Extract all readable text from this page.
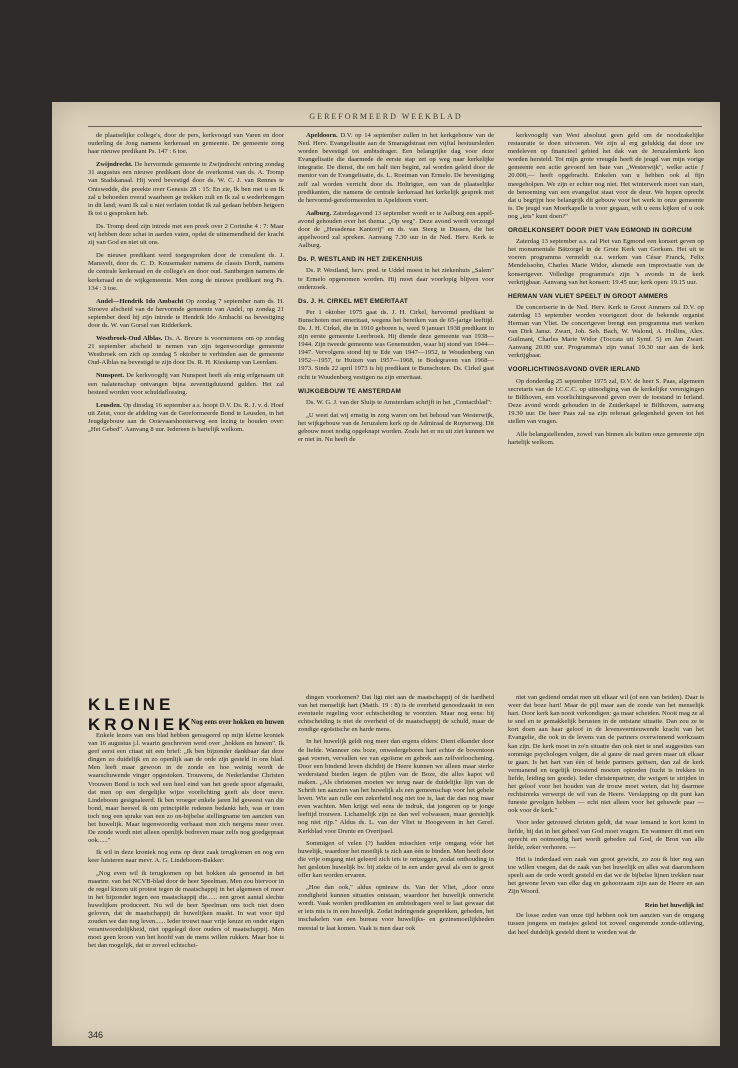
GEREFORMEERD WEEKBLAD

de plaatselijke college's, door de pers, kerkvoogd van Varen en door ouderling de Jong namens kerkeraad en gemeente. De gemeente zong haar nieuwe predikant Ps. 147 : 6 toe.

Zwijndrecht. De hervormde gemeente te Zwijndrecht ontving zondag 31 augustus een nieuwe predikant door de overkomst van ds. A. Tromp van Stadskanaal. Hij werd bevestigd door ds. W. C. J. van Rennes te Ontswedde, die preekte over Genesis 28 : 15: En zie, Ik ben met u en Ik zal u behoeden overal waarheen ge trekken zult en Ik zal u wederbrengen in dit land; want Ik zal u niet verlaten totdat Ik zal gedaan hebben hetgeen Ik tot u gesproken heb.

Ds. Tromp deed zijn intrede met een preek over 2 Corinthe 4 : 7: Maar wij hebben deze schat in aarden vaten, opdat de uitnemendheid der kracht zij van God en niet uit ons.

De nieuwe predikant werd toegesproken door de consulent ds. J. Mansvelt, door ds. C. D. Kousemaker namens de classis Dordt, namens de centrale kerkeraad en de college's en door oud. Santbergen namens de kerkeraad en de wijkgemeente. Men zong de nieuwe predikant nog Ps. 134 : 3 toe.

Andel—Hendrik Ido Ambacht Op zondag 7 september nam ds. H. Stroeve afscheid van de hervormde gemeente van Andel, op zondag 21 september deed hij zijn intrede te Hendrik Ido Ambacht na bevestiging door ds. W. van Gorsel van Ridderkerk.

Westbroek-Oud Alblas. Ds. A. Breure is voornemens om op zondag 21 september afscheid te nemen van zijn tegenwoordige gemeente Westbroek om zich op zondag 5 oktober te verbinden aan de gemeente Oud-Alblas na bevestigd te zijn door Ds. R. H. Kieskamp van Leerdam.

Nunspeet. De kerkvoogdij van Nunspeet heeft als enig erfgenaam uit een nalatenschap ontvangen bijna zeventigduizend gulden. Het zal besteed worden voor schuldaflossing.

Leusden. Op dinsdag 16 september a.s. hoopt D.V. Ds. R. J. v. d. Hoef uit Zeist, voor de afdeling van de Gereformeerde Bond te Leusden, in het Jeugdgebouw aan de Ooievaarshorsterweg een lezing te houden over: „Het Gebed". Aanvang 8 uur. Iedereen is hartelijk welkom.

Apeldoorn. D.V. op 14 september zullen in het kerkgebouw van de Ned. Herv. Evangelisatie aan de Smaragdstraat een vijftal bestuursleden worden bevestigd tot ambtsdrager. Een belangrijke dag voor deze Evangelisatie die daarmede de eerste stap zet op weg naar kerkelijke integratie. De dienst, die om half tien begint, zal worden geleid door de mentor van de Evangelisatie, ds. L. Roetman van Ermelo. De bevestiging zelf zal worden verricht door ds. Holtrigter, een van de plaatselijke predikanten, die namens de centrale kerkeraad het kerkelijk gesprek met de hervormd-gereformeerden in Apeldoorn voert.

Aalburg. Zaterdagavond 13 september wordt er te Aalburg een appèl-avond gehouden over het thema: „Op weg". Deze avond wordt verzorgd door de „Heusdense Kantorij" en ds. van Steeg te Dussen, die het appèlwoord zal spreken. Aanvang 7.30 uur in de Ned. Herv. Kerk te Aalburg.

Ds. P. WESTLAND IN HET ZIEKENHUIS

Ds. P. Westland, herv. pred. te Uddel moest in het ziekenhuis „Salem" te Ermelo opgenomen worden. Hij moet daar voorlopig blijven voor onderzoek.

Ds. J. H. CIRKEL MET EMERITAAT

Per 1 oktober 1975 gaat ds. J. H. Cirkel, hervormd predikant te Bunschoten met emeritaat, wegens het bereiken van de 65-jarige leeftijd. Ds. J. H. Cirkel, die in 1910 geboren is, werd 9 januari 1938 predikant in zijn eerste gemeente Leerbroek. Hij diende deze gemeente van 1938—1944. Zijn tweede gemeente was Genemuiden, waar hij stond van 1944—1947. Vervolgens stond hij te Ede van 1947—1952, te Woudenberg van 1952—1957, te Huizen van 1957—1968, te Bodegraven van 1968—1973. Sinds 22 april 1973 is hij predikant te Bunschoten. Ds. Cirkel gaat richt te Woudenberg vestigen na zijn emeritaat.

WIJKGEBOUW TE AMSTERDAM

Ds. W. G. J. van der Sluijs te Amsterdam schrijft in het „Contactblad":

„U weet dat wij ernstig in zorg waren om het behoud van Westerwijk, het wijkgebouw van de Jeruzalem kerk op de Admiraal de Ruyterweg. Dit gebouw moet nodig opgeknapt worden. Zoals het er nu uit ziet kunnen we er niet in. Nu heeft de

kerkvoogdij van West absoluut geen geld om de noodzakelijke restauratie te doen uitvoeren. We zijn al erg gelukkig dat door uw medeleven op financieel gebied het dak van de Jeruzalemkerk kon worden hersteld. Tot mijn grote vreugde heeft de jeugd van mijn vorige gemeente een actie gevoerd ten bate van „Westerwijk", welke actie ƒ 20.000,— heeft opgebracht. Enkelen van u hebben ook al fijn meegeholpen. We zijn er echter nog niet. Het winterwerk moet van start, de benoeming van een evangelist staat voor de deur. We hopen oprecht dat u begrijpt hoe belangrijk dit gebouw voor het werk in onze gemeente is. De jeugd van Moerkapelle is voor gegaan, wilt u eens kijken of u ook nog „iets" kunt doen?"

ORGELKONSERT DOOR PIET VAN EGMOND IN GORCUM

Zaterdag 13 september a.s. zal Piet van Egmond een konsert geven op het monumentale Bätzorgel in de Grote Kerk van Gorkum. Het uit te voeren programma vermeldt o.a. werken van César Franck, Felix Mendelssohn, Charles Marie Widor, alsmede een improvisatie van de konsertgever. Volledige programma's zijn 's avonds in de kerk verkrijgbaar. Aanvang van het konsert: 19.45 uur; kerk open: 19.15 uur.

HERMAN VAN VLIET SPEELT IN GROOT AMMERS

De concertserie in de Ned. Herv. Kerk te Groot Ammers zal D.V. op zaterdag 13 september worden voortgezet door de bekende organist Herman van Vliet. De concertgever brengt een programma met werken van Dirk Jansz. Zwart, Joh. Seb. Bach, W. Walond, A. Hollins, Alex. Guilmant, Charles Marie Widor (Toccata uit Symf. 5) en Jan Zwart. Aanvang 20.00 uur. Programma's zijn vanaf 19.30 uur aan de kerk verkrijgbaar.

VOORLICHTINGSAVOND OVER IERLAND

Op donderdag 25 september 1975 zal, D.V. de heer S. Paas, algemeen secretaris van de I.C.C.C. op uitnodiging van de kerkelijke verenigingen te Bilthoven, een voorlichtingsavond geven over de toestand in Ierland. Deze avond wordt gehouden in de Zuiderkapel te Bilthoven, aanvang 19.30 uur. De heer Paas zal na zijn referaat gelegenheid geven tot het stellen van vragen.

Alle belangstellenden, zowel van binnen als buiten onze gemeente zijn hartelijk welkom.

KLEINE KRONIEK
Nog eens over hokken en huwen

Enkele lezers van ons blad hebben gereageerd op mijn kleine kroniek van 16 augustus j.l. waarin geschreven werd over „hokken en huwen". Ik geef eerst een citaat uit een brief: „Ik ben bijzonder dankbaar dat deze dingen zo duidelijk en zo openlijk aan de orde zijn gesteld in ons blad. Men leeft maar gewoon in de zonde en hoe weinig wordt de waarschuwende vinger opgestoken. Trouwens, de Nederlandse Christen Vrouwen Bond is toch wel een heel eind van het goede spoor afgeraakt, dat men op een dergelijke wijze voorlichting geeft als door mevr. Lindeboom gesignaleerd. Ik ben vroeger enkele jaren lid geweest van die bond, maar heewel ik om principiële redenen bedankt heb, was er toen toch nog een sprake van een zo on-bijbelse stellingname ten aanzien van het huwelijk. Maar tegenwoordig verbaast men zich nergens meer over. De zonde wordt niet alleen openlijk bedreven maar zelfs nog goedgepraat ook......"

Ik wil in deze kroniek nog eens op deze zaak terugkomen en nog een keer luisteren naar mevr. A. G. Lindeboom-Bakker:

„Nog even wil ik terugkomen op het hokken als genoemd in het maartnr. van het NCVB-blad door de heer Speelman. Men zou hiervoor in de regel kiezen uit protest tegen de maatschappij in het algemeen of meer in het bijzonder tegen een maatschappij die...... een groot aantal slechte huwelijken produceert. Nu wil de heer Speelman ons toch niet doen geloven, dat de maatschappij de huwelijken maakt. In wat voor tijd zouden we dan nog leven...... Ieder trouwt naar vrije keuze en onder eigen verantwoordelijkheid, niet opgelegd door ouders of maatschappij. Men moet geen kroon van het hoofd van de mens willen rukken. Maar hoe is het dan mogelijk, dat er zoveel echtschei-

dingen voorkomen? Dat ligt niet aan de maatschappij of de hardheid van het menselijk hart (Matth. 19 : 8) is de overheid genoodzaakt in een eventuele regeling voor echtscheiding te voorzien. Maar nog eens: bij echtscheiding is niet de overheid of de maatschappij de schuld, maar de zondige egoïstische en harde mens.

In het huwelijk geldt nog meer dan ergens elders: Dient elkander door de liefde. Wanneer ons boze, onwedergeboren hart echter de boventoon gaat voeren, vervallen we van egoïsme en gebrek aan zelfverloochening. Door een bindend leven dichtbij de Heere kunnen we alleen maar sterke wederstand bieden tegen de pijlen van de Boze, die alles kapot wil maken. „Als christenen moeten we terug naar de duidelijke lijn van de Schrift ten aanzien van het huwelijk als een gemeenschap voor het gehele leven. Wie aan rulle een zekerheid nog niet toe is, laat die dan nog maar even wachten. Men krijgt wel eens de indruk, dat jongeren op te jonge leeftijd trouwen. Lichamelijk zijn ze dan wel volwassen, maar geestelijk nog niet rijp." Aldus ds. L. van der Vliet te Hoogeveen in het Geref. Kerkblad voor Drente en Overijssel.

Sommigen of velen (?) hadden misschien vrije omgang vóór het huwelijk, waardoor het moeilijk is zich aan één te binden. Men heeft door die vrije omgang niet geleerd zich iets te ontzeggen, zodat onthouding in het gesloten huwelijk bv. bij ziekte of in een ander geval als een te groot offer kan worden ervaren.

„Hoe dan ook," aldus opnieuw ds. Van der Vliet, „door onze zondigheid kunnen situaties ontstaan, waardoor het huwelijk ontwricht wordt. Vaak worden predikanten en ambtsdragers veel te laat gewaar dat er iets mis is in een huwelijk. Zodat indringende gesprekken, gebeden, het inschakelen van een bureau voor huwelijks- en gezinsmoeilijkheden meestal te laat komen. Vaak is men daar ook

niet van gediend omdat men uit elkaar wil (of een van beiden). Daar is weer dat boze hart! Maar de pijl maar aan de zonde van het menselijk hart. Door kerk kan nooit verkondigen: ga maar scheiden. Nooit mag ze al te snel en te gemakkelijk berusten in de ontstane situatie. Dan zou ze te kort doen aan haar geloof in de levensvernieuwende kracht van het Evangelie, die ook in de levens van de partners overwinnend werkzaam kan zijn. De kerk moet in zo'n situatie dan ook niet te snel suggesties van sommige psychologen volgen, die al gauw de raad geven maar uit elkaar te gaan. Is het hart van één of beide partners geëtsen, dan zal de kerk vermanend en tegelijk troostend moeten optreden (tucht is trekken in liefde, leiding ten goede). Ieder christenpartner, die weigert te strijden in het geloof voor het houden van de trouw moet weten, dat hij daarmee rechtstreeks verwerpt de wil van de Heere. Verslapping op dit punt kan funeste gevolgen hebben — echt niet alleen voor het gehuwde paar — ook voor de kerk."

Voor ieder getrouwd christen geldt, dat waar iemand te kort komt in liefde, hij dat in het geheel van God moet vragen. En wanneer dit met een oprecht en ootmoedig hart wordt gebeden zal God, de Bron van alle liefde, zeker verhoren. —

Het is inderdaad een zaak van groot gewicht, zo zou ik hier nog aan toe willen voegen, dat de zaak van het huwelijk en alles wat daaromheen speelt aan de orde wordt gesteld en dat we de bijbelse lijnen trekken naar het gewone leven van elke dag en gehoorzaam zijn aan de Heere en aan Zijn Woord.

Rein het huwelijk in!

De losse zeden van onze tijd hebben ook ten aanzien van de omgang tussen jongens en meisjes geleid tot zoveel ongeremde zonde-uitleving, dat heel duidelijk gesteld dient te worden wat de

346
